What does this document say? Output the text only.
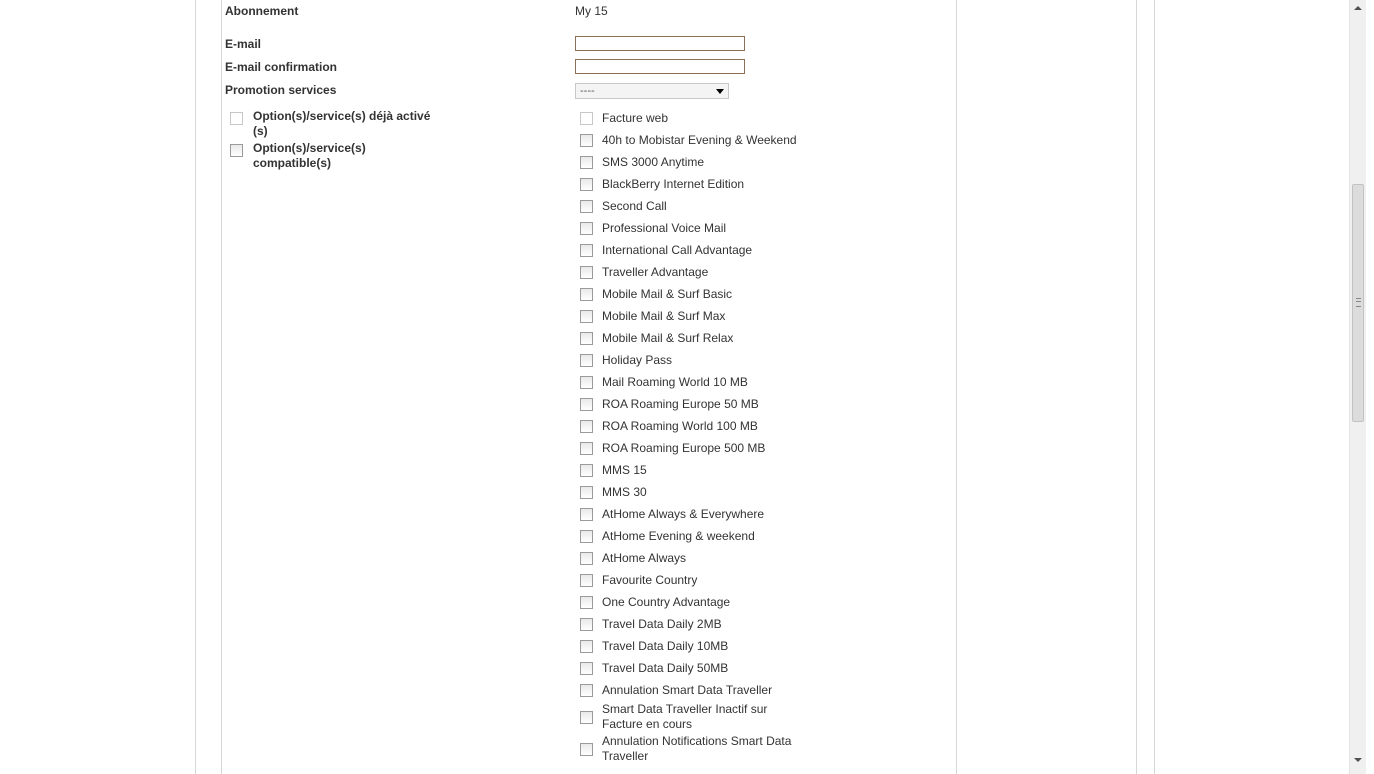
Abonnement	My 15
E-mail
E-mail confirmation
Promotion services	----
Option(s)/service(s) déjà activé (s)
Option(s)/service(s) compatible(s)
Facture web
40h to Mobistar Evening & Weekend
SMS 3000 Anytime
BlackBerry Internet Edition
Second Call
Professional Voice Mail
International Call Advantage
Traveller Advantage
Mobile Mail & Surf Basic
Mobile Mail & Surf Max
Mobile Mail & Surf Relax
Holiday Pass
Mail Roaming World 10 MB
ROA Roaming Europe 50 MB
ROA Roaming World 100 MB
ROA Roaming Europe 500 MB
MMS 15
MMS 30
AtHome Always & Everywhere
AtHome Evening & weekend
AtHome Always
Favourite Country
One Country Advantage
Travel Data Daily 2MB
Travel Data Daily 10MB
Travel Data Daily 50MB
Annulation Smart Data Traveller
Smart Data Traveller Inactif sur Facture en cours
Annulation Notifications Smart Data Traveller
